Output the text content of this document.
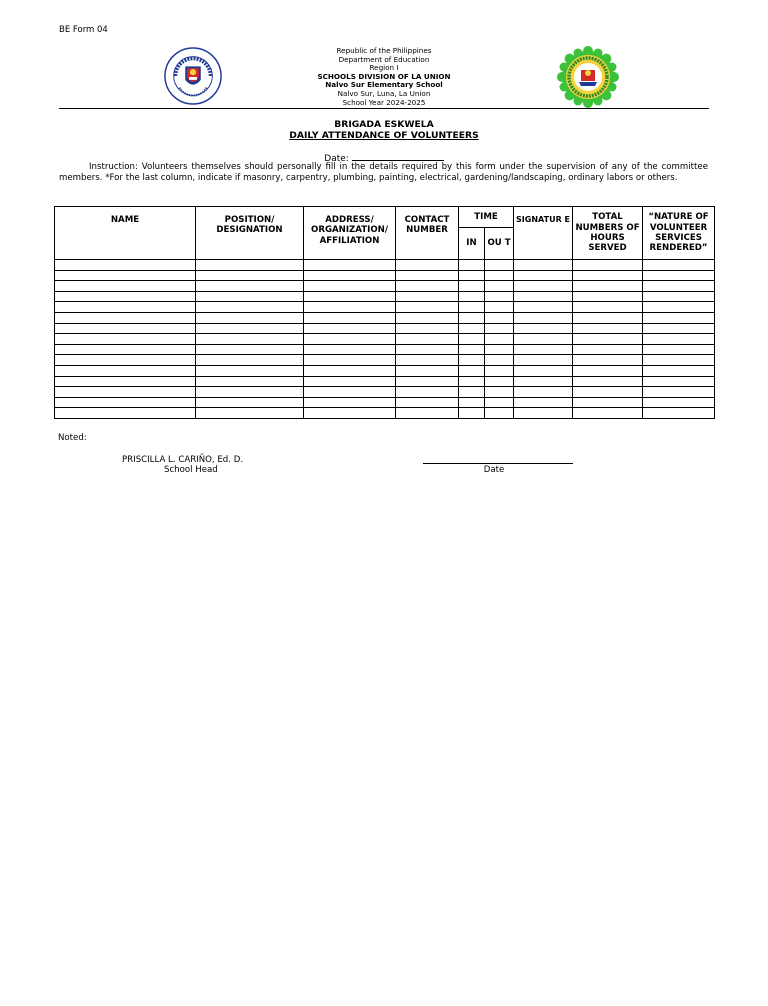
BE Form 04
Republic of the Philippines
Department of Education
Region I
SCHOOLS DIVISION OF LA UNION
Nalvo Sur Elementary School
Nalvo Sur, Luna, La Union
School Year 2024-2025
BRIGADA ESKWELA
DAILY ATTENDANCE OF VOLUNTEERS
Date:
Instruction: Volunteers themselves should personally fill in the details required by this form under the supervision of any of the committee members. *For the last column, indicate if masonry, carpentry, plumbing, painting, electrical, gardening/landscaping, ordinary labors or others.
NAME	POSITION/ DESIGNATION	ADDRESS/ ORGANIZATION/ AFFILIATION	CONTACT NUMBER	TIME		SIGNATUR E	TOTAL NUMBERS OF HOURS SERVED	“NATURE OF VOLUNTEER SERVICES RENDERED”
				IN	OU T			

Noted:
PRISCILLA L. CARIÑO, Ed. D.
School Head	Date
